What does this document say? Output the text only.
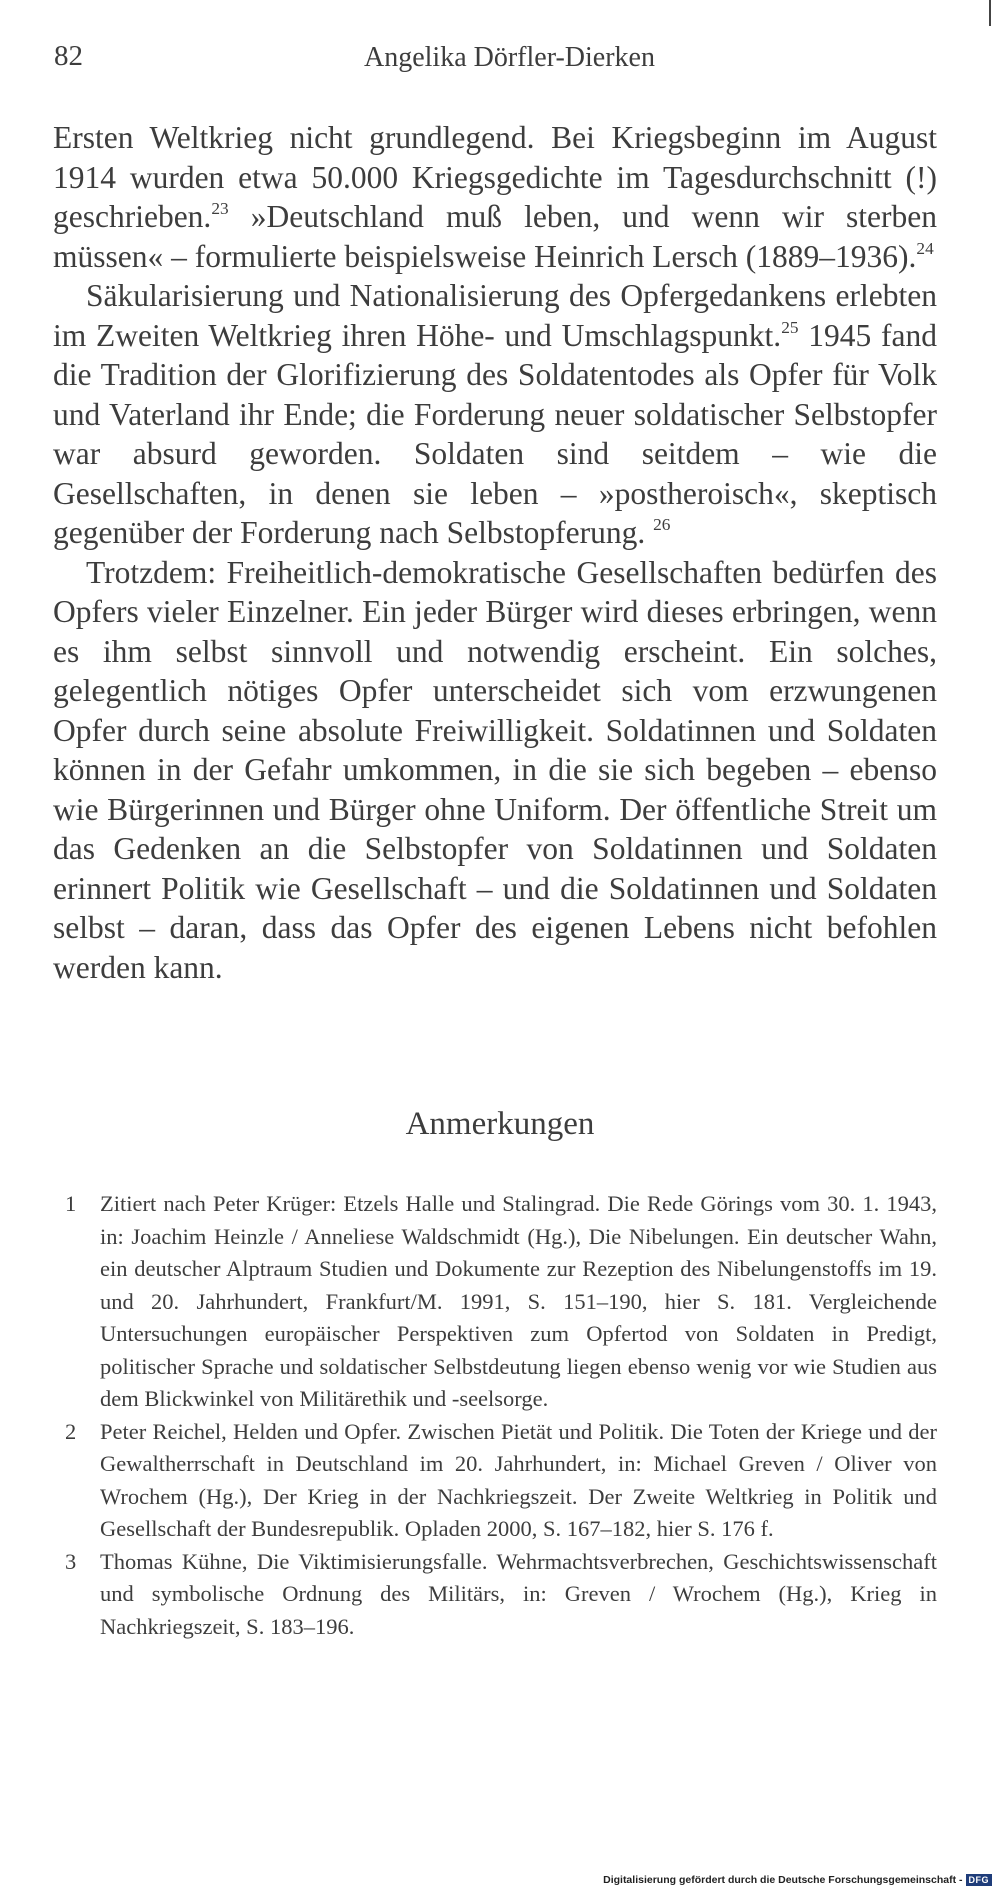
82	Angelika Dörfler-Dierken

Ersten Weltkrieg nicht grundlegend. Bei Kriegsbeginn im August 1914 wurden etwa 50.000 Kriegsgedichte im Tagesdurchschnitt (!) geschrieben.$^{23}$ »Deutschland muß leben, und wenn wir sterben müssen« – formulierte beispielsweise Heinrich Lersch (1889–1936).$^{24}$

Säkularisierung und Nationalisierung des Opfergedankens erlebten im Zweiten Weltkrieg ihren Höhe- und Umschlagspunkt.$^{25}$ 1945 fand die Tradition der Glorifizierung des Soldatentodes als Opfer für Volk und Vaterland ihr Ende; die Forderung neuer soldatischer Selbstopfer war absurd geworden. Soldaten sind seitdem – wie die Gesellschaften, in denen sie leben – »postheroisch«, skeptisch gegenüber der Forderung nach Selbstopferung. $^{26}$

Trotzdem: Freiheitlich-demokratische Gesellschaften bedürfen des Opfers vieler Einzelner. Ein jeder Bürger wird dieses erbringen, wenn es ihm selbst sinnvoll und notwendig erscheint. Ein solches, gelegentlich nötiges Opfer unterscheidet sich vom erzwungenen Opfer durch seine absolute Freiwilligkeit. Soldatinnen und Soldaten können in der Gefahr umkommen, in die sie sich begeben – ebenso wie Bürgerinnen und Bürger ohne Uniform. Der öffentliche Streit um das Gedenken an die Selbstopfer von Soldatinnen und Soldaten erinnert Politik wie Gesellschaft – und die Soldatinnen und Soldaten selbst – daran, dass das Opfer des eigenen Lebens nicht befohlen werden kann.

Anmerkungen
1 Zitiert nach Peter Krüger: Etzels Halle und Stalingrad. Die Rede Görings vom 30. 1. 1943, in: Joachim Heinzle / Anneliese Waldschmidt (Hg.), Die Nibelungen. Ein deutscher Wahn, ein deutscher Alptraum Studien und Dokumente zur Rezeption des Nibelungenstoffs im 19. und 20. Jahrhundert, Frankfurt/M. 1991, S. 151–190, hier S. 181. Vergleichende Untersuchungen europäischer Perspektiven zum Opfertod von Soldaten in Predigt, politischer Sprache und soldatischer Selbstdeutung liegen ebenso wenig vor wie Studien aus dem Blickwinkel von Militärethik und -seelsorge.

2 Peter Reichel, Helden und Opfer. Zwischen Pietät und Politik. Die Toten der Kriege und der Gewaltherrschaft in Deutschland im 20. Jahrhundert, in: Michael Greven / Oliver von Wrochem (Hg.), Der Krieg in der Nachkriegszeit. Der Zweite Weltkrieg in Politik und Gesellschaft der Bundesrepublik. Opladen 2000, S. 167–182, hier S. 176 f.

3 Thomas Kühne, Die Viktimisierungsfalle. Wehrmachtsverbrechen, Geschichtswissenschaft und symbolische Ordnung des Militärs, in: Greven / Wrochem (Hg.), Krieg in Nachkriegszeit, S. 183–196.

Digitalisierung gefördert durch die Deutsche Forschungsgemeinschaft - DFG
